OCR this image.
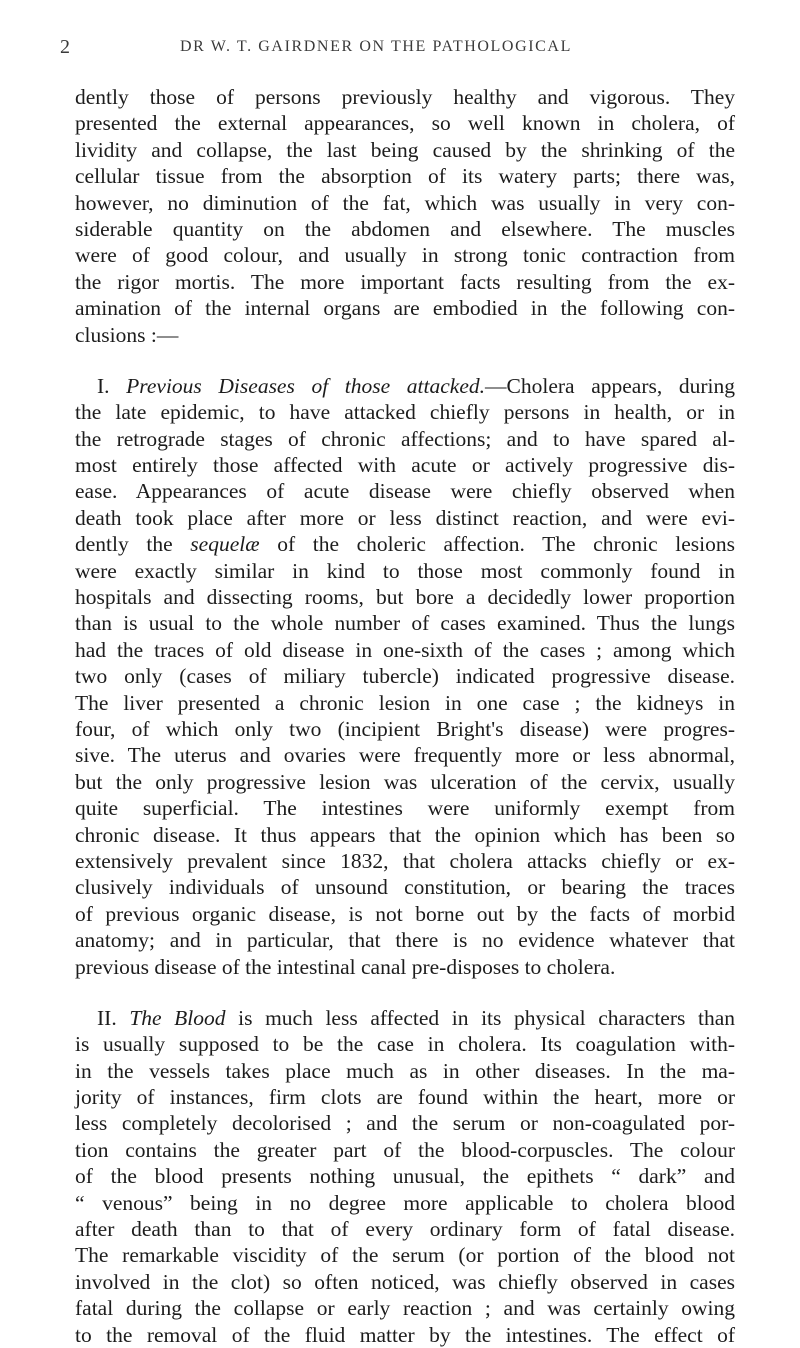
2	DR W. T. GAIRDNER ON THE PATHOLOGICAL
dently those of persons previously healthy and vigorous. They
presented the external appearances, so well known in cholera, of
lividity and collapse, the last being caused by the shrinking of the
cellular tissue from the absorption of its watery parts; there was,
however, no diminution of the fat, which was usually in very con-
siderable quantity on the abdomen and elsewhere. The muscles
were of good colour, and usually in strong tonic contraction from
the rigor mortis. The more important facts resulting from the ex-
amination of the internal organs are embodied in the following con-
clusions :—
I. Previous Diseases of those attacked.—Cholera appears, during
the late epidemic, to have attacked chiefly persons in health, or in
the retrograde stages of chronic affections; and to have spared al-
most entirely those affected with acute or actively progressive dis-
ease. Appearances of acute disease were chiefly observed when
death took place after more or less distinct reaction, and were evi-
dently the sequelæ of the choleric affection. The chronic lesions
were exactly similar in kind to those most commonly found in
hospitals and dissecting rooms, but bore a decidedly lower proportion
than is usual to the whole number of cases examined. Thus the lungs
had the traces of old disease in one-sixth of the cases ; among which
two only (cases of miliary tubercle) indicated progressive disease.
The liver presented a chronic lesion in one case ; the kidneys in
four, of which only two (incipient Bright's disease) were progres-
sive. The uterus and ovaries were frequently more or less abnormal,
but the only progressive lesion was ulceration of the cervix, usually
quite superficial. The intestines were uniformly exempt from
chronic disease. It thus appears that the opinion which has been so
extensively prevalent since 1832, that cholera attacks chiefly or ex-
clusively individuals of unsound constitution, or bearing the traces
of previous organic disease, is not borne out by the facts of morbid
anatomy; and in particular, that there is no evidence whatever that
previous disease of the intestinal canal pre-disposes to cholera.
II. The Blood is much less affected in its physical characters than
is usually supposed to be the case in cholera. Its coagulation with-
in the vessels takes place much as in other diseases. In the ma-
jority of instances, firm clots are found within the heart, more or
less completely decolorised ; and the serum or non-coagulated por-
tion contains the greater part of the blood-corpuscles. The colour
of the blood presents nothing unusual, the epithets “ dark” and
“ venous” being in no degree more applicable to cholera blood
after death than to that of every ordinary form of fatal disease.
The remarkable viscidity of the serum (or portion of the blood not
involved in the clot) so often noticed, was chiefly observed in cases
fatal during the collapse or early reaction ; and was certainly owing
to the removal of the fluid matter by the intestines. The effect of
